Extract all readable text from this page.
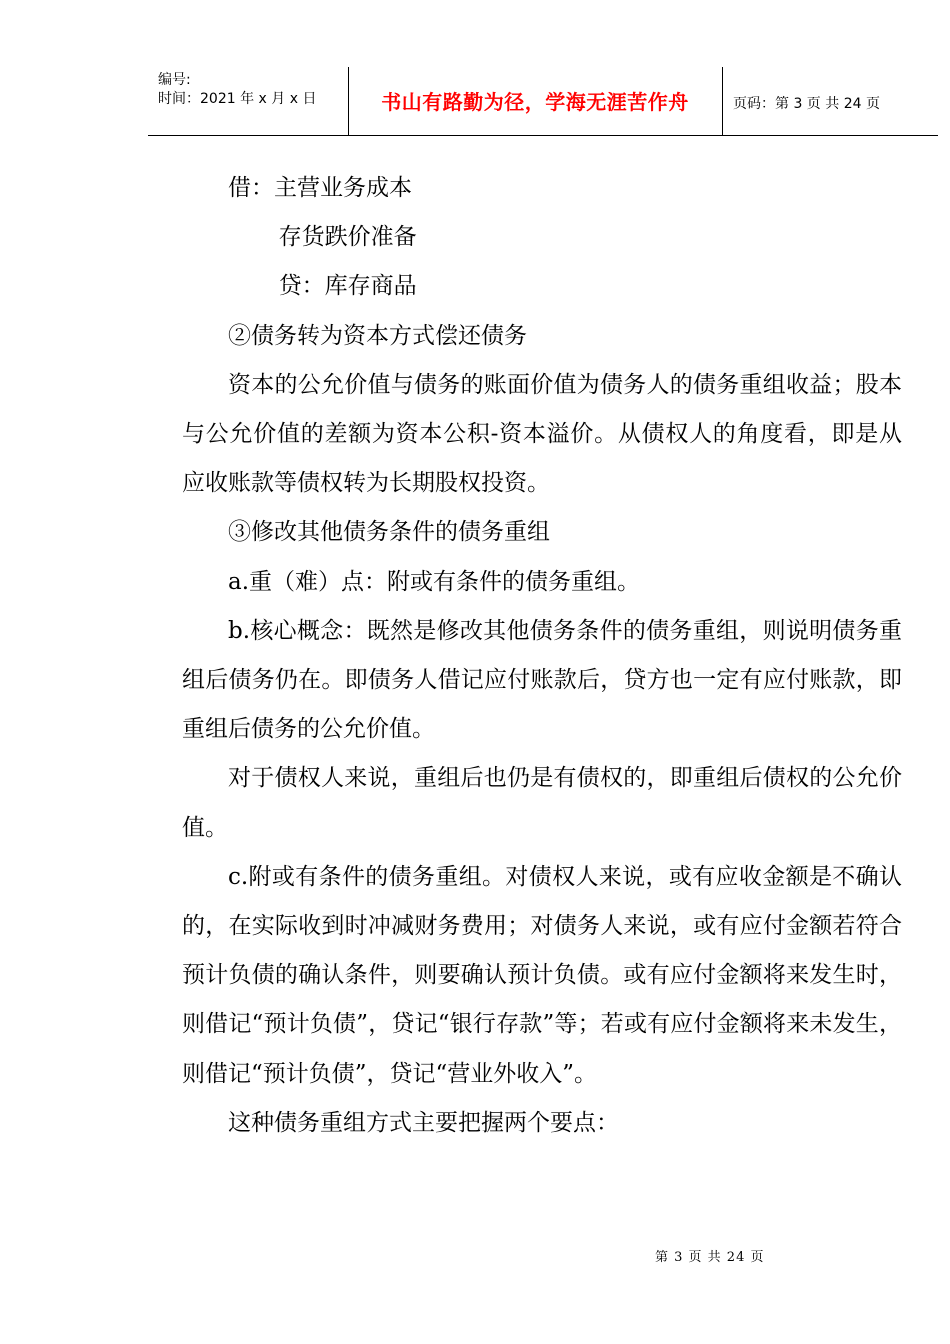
编号:
时间：2021 年 x 月 x 日	书山有路勤为径，学海无涯苦作舟	页码：第 3 页 共 24 页

借：主营业务成本

存货跌价准备

贷：库存商品

②债务转为资本方式偿还债务

资本的公允价值与债务的账面价值为债务人的债务重组收益；股本与公允价值的差额为资本公积-资本溢价。从债权人的角度看，即是从应收账款等债权转为长期股权投资。

③修改其他债务条件的债务重组

a.重（难）点：附或有条件的债务重组。

b.核心概念：既然是修改其他债务条件的债务重组，则说明债务重组后债务仍在。即债务人借记应付账款后，贷方也一定有应付账款，即重组后债务的公允价值。

对于债权人来说，重组后也仍是有债权的，即重组后债权的公允价值。

c.附或有条件的债务重组。对债权人来说，或有应收金额是不确认的，在实际收到时冲减财务费用；对债务人来说，或有应付金额若符合预计负债的确认条件，则要确认预计负债。或有应付金额将来发生时，则借记“预计负债”，贷记“银行存款”等；若或有应付金额将来未发生，则借记“预计负债”，贷记“营业外收入”。

这种债务重组方式主要把握两个要点：

第 3 页 共 24 页
